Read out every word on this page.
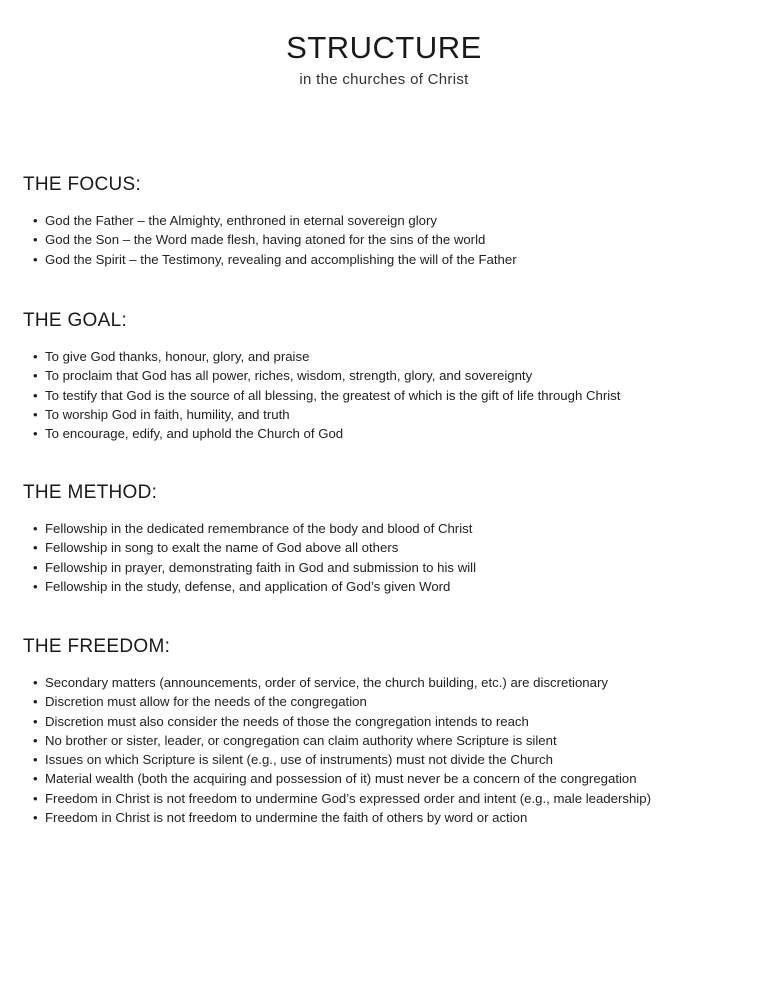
STRUCTURE
in the churches of Christ
THE FOCUS:
• God the Father – the Almighty, enthroned in eternal sovereign glory
• God the Son – the Word made flesh, having atoned for the sins of the world
• God the Spirit – the Testimony, revealing and accomplishing the will of the Father
THE GOAL:
• To give God thanks, honour, glory, and praise
• To proclaim that God has all power, riches, wisdom, strength, glory, and sovereignty
• To testify that God is the source of all blessing, the greatest of which is the gift of life through Christ
• To worship God in faith, humility, and truth
• To encourage, edify, and uphold the Church of God
THE METHOD:
• Fellowship in the dedicated remembrance of the body and blood of Christ
• Fellowship in song to exalt the name of God above all others
• Fellowship in prayer, demonstrating faith in God and submission to his will
• Fellowship in the study, defense, and application of God’s given Word
THE FREEDOM:
• Secondary matters (announcements, order of service, the church building, etc.) are discretionary
• Discretion must allow for the needs of the congregation
• Discretion must also consider the needs of those the congregation intends to reach
• No brother or sister, leader, or congregation can claim authority where Scripture is silent
• Issues on which Scripture is silent (e.g., use of instruments) must not divide the Church
• Material wealth (both the acquiring and possession of it) must never be a concern of the congregation
• Freedom in Christ is not freedom to undermine God’s expressed order and intent (e.g., male leadership)
• Freedom in Christ is not freedom to undermine the faith of others by word or action
